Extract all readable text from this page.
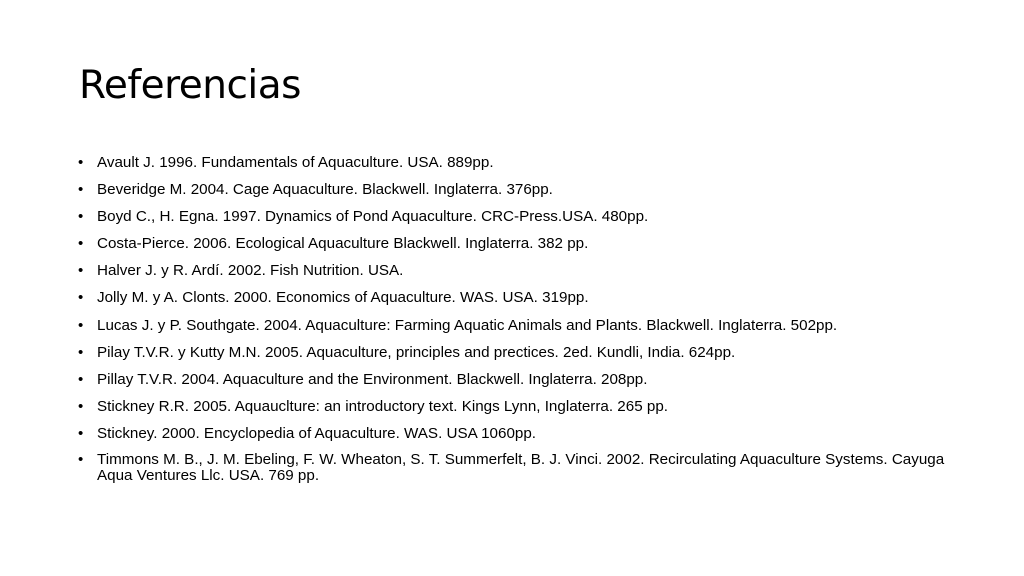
Referencias
• Avault J. 1996. Fundamentals of Aquaculture. USA. 889pp.
• Beveridge M. 2004. Cage Aquaculture. Blackwell. Inglaterra. 376pp.
• Boyd C., H. Egna. 1997. Dynamics of Pond Aquaculture. CRC-Press.USA. 480pp.
• Costa-Pierce. 2006. Ecological Aquaculture Blackwell. Inglaterra. 382 pp.
• Halver J. y R. Ardí. 2002. Fish Nutrition. USA.
• Jolly M. y A. Clonts. 2000. Economics of Aquaculture. WAS. USA. 319pp.
• Lucas J. y P. Southgate. 2004. Aquaculture: Farming Aquatic Animals and Plants. Blackwell. Inglaterra. 502pp.
• Pilay T.V.R. y Kutty M.N. 2005. Aquaculture, principles and prectices. 2ed. Kundli, India. 624pp.
• Pillay T.V.R. 2004. Aquaculture and the Environment. Blackwell. Inglaterra. 208pp.
• Stickney R.R. 2005. Aquauclture: an introductory text. Kings Lynn, Inglaterra. 265 pp.
• Stickney. 2000. Encyclopedia of Aquaculture. WAS. USA 1060pp.
• Timmons M. B., J. M. Ebeling, F. W. Wheaton, S. T. Summerfelt, B. J. Vinci. 2002. Recirculating Aquaculture Systems. Cayuga Aqua Ventures Llc. USA. 769 pp.
